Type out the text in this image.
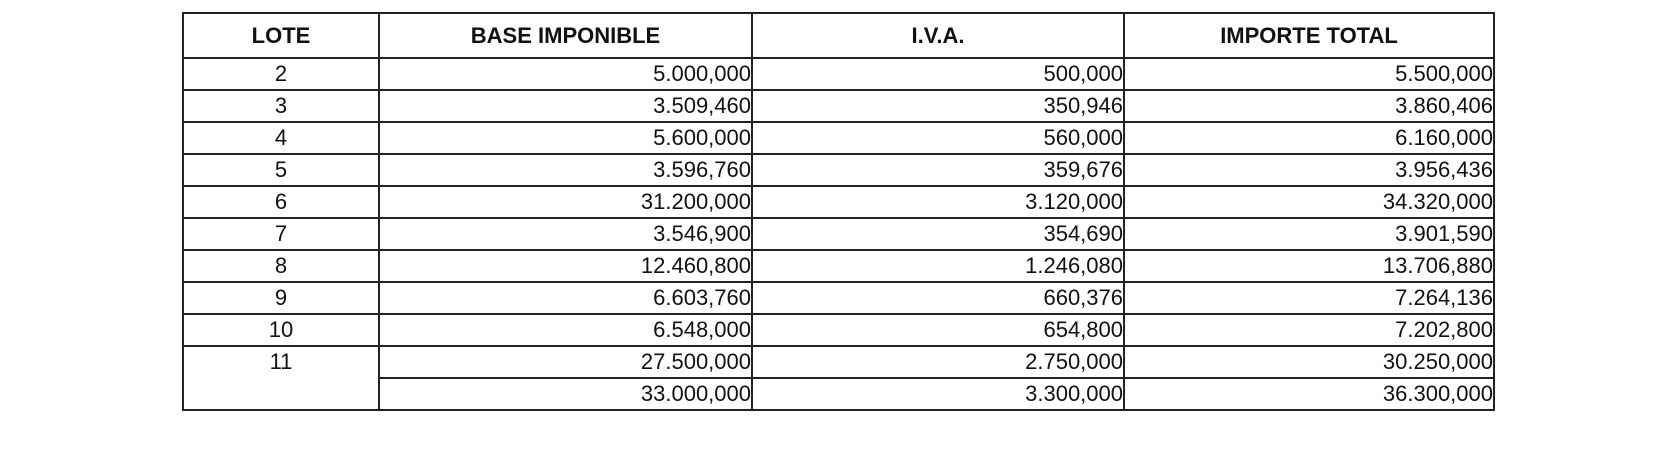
LOTE	BASE IMPONIBLE	I.V.A.	IMPORTE TOTAL
2	5.000,000	500,000	5.500,000
3	3.509,460	350,946	3.860,406
4	5.600,000	560,000	6.160,000
5	3.596,760	359,676	3.956,436
6	31.200,000	3.120,000	34.320,000
7	3.546,900	354,690	3.901,590
8	12.460,800	1.246,080	13.706,880
9	6.603,760	660,376	7.264,136
10	6.548,000	654,800	7.202,800
11	27.500,000	2.750,000	30.250,000
	33.000,000	3.300,000	36.300,000
